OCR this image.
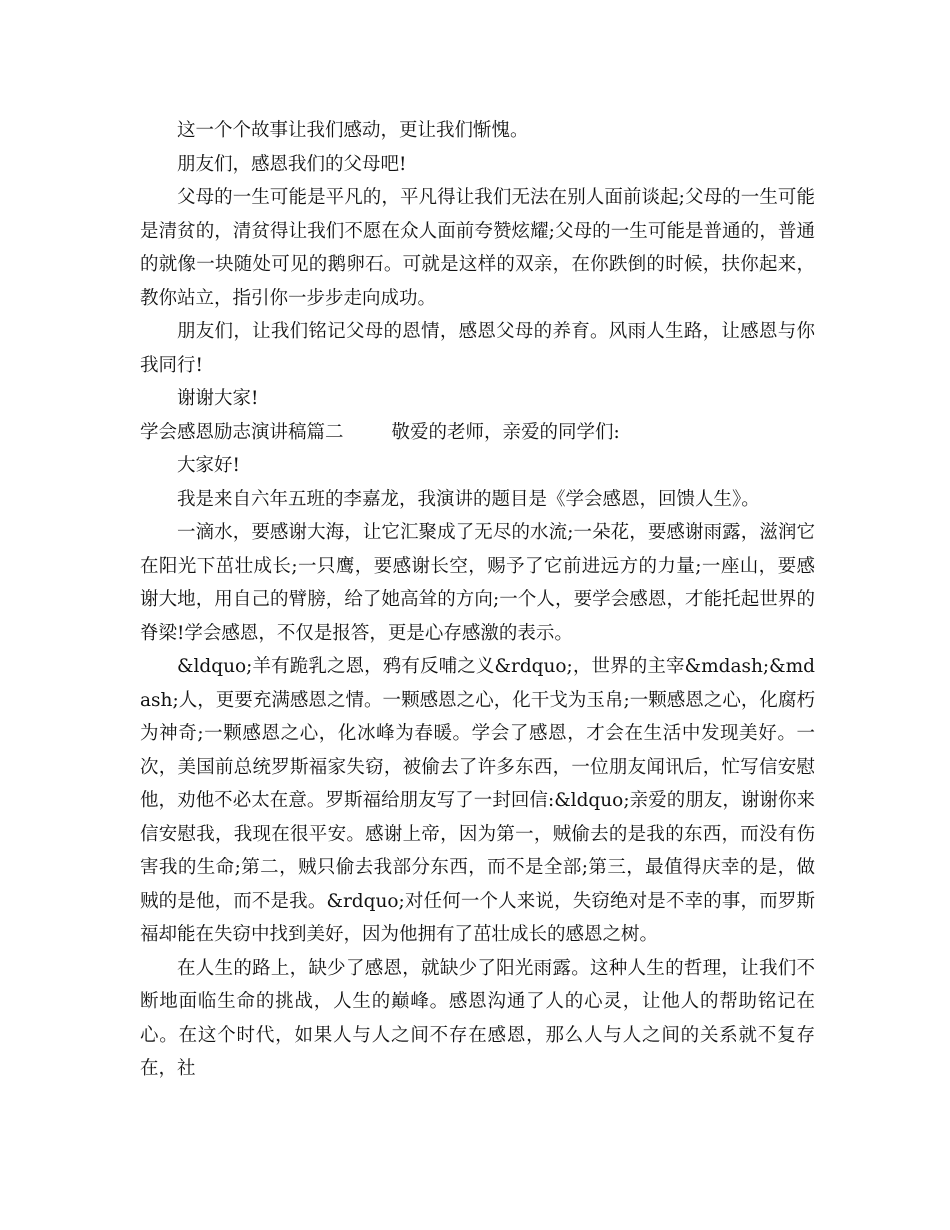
这一个个故事让我们感动，更让我们惭愧。

朋友们，感恩我们的父母吧!

父母的一生可能是平凡的，平凡得让我们无法在别人面前谈起;父母的一生可能是清贫的，清贫得让我们不愿在众人面前夸赞炫耀;父母的一生可能是普通的，普通的就像一块随处可见的鹅卵石。可就是这样的双亲，在你跌倒的时候，扶你起来，教你站立，指引你一步步走向成功。

朋友们，让我们铭记父母的恩情，感恩父母的养育。风雨人生路，让感恩与你我同行!

谢谢大家!

学会感恩励志演讲稿篇二	敬爱的老师，亲爱的同学们:

大家好!

我是来自六年五班的李嘉龙，我演讲的题目是《学会感恩，回馈人生》。

一滴水，要感谢大海，让它汇聚成了无尽的水流;一朵花，要感谢雨露，滋润它在阳光下茁壮成长;一只鹰，要感谢长空，赐予了它前进远方的力量;一座山，要感谢大地，用自己的臂膀，给了她高耸的方向;一个人，要学会感恩，才能托起世界的脊梁!学会感恩，不仅是报答，更是心存感激的表示。

&ldquo;羊有跪乳之恩，鸦有反哺之义&rdquo;，世界的主宰&mdash;&mdash;人，更要充满感恩之情。一颗感恩之心，化干戈为玉帛;一颗感恩之心，化腐朽为神奇;一颗感恩之心，化冰峰为春暖。学会了感恩，才会在生活中发现美好。一次，美国前总统罗斯福家失窃，被偷去了许多东西，一位朋友闻讯后，忙写信安慰他，劝他不必太在意。罗斯福给朋友写了一封回信:&ldquo;亲爱的朋友，谢谢你来信安慰我，我现在很平安。感谢上帝，因为第一，贼偷去的是我的东西，而没有伤害我的生命;第二，贼只偷去我部分东西，而不是全部;第三，最值得庆幸的是，做贼的是他，而不是我。&rdquo;对任何一个人来说，失窃绝对是不幸的事，而罗斯福却能在失窃中找到美好，因为他拥有了茁壮成长的感恩之树。

在人生的路上，缺少了感恩，就缺少了阳光雨露。这种人生的哲理，让我们不断地面临生命的挑战，人生的巅峰。感恩沟通了人的心灵，让他人的帮助铭记在心。在这个时代，如果人与人之间不存在感恩，那么人与人之间的关系就不复存在，社
